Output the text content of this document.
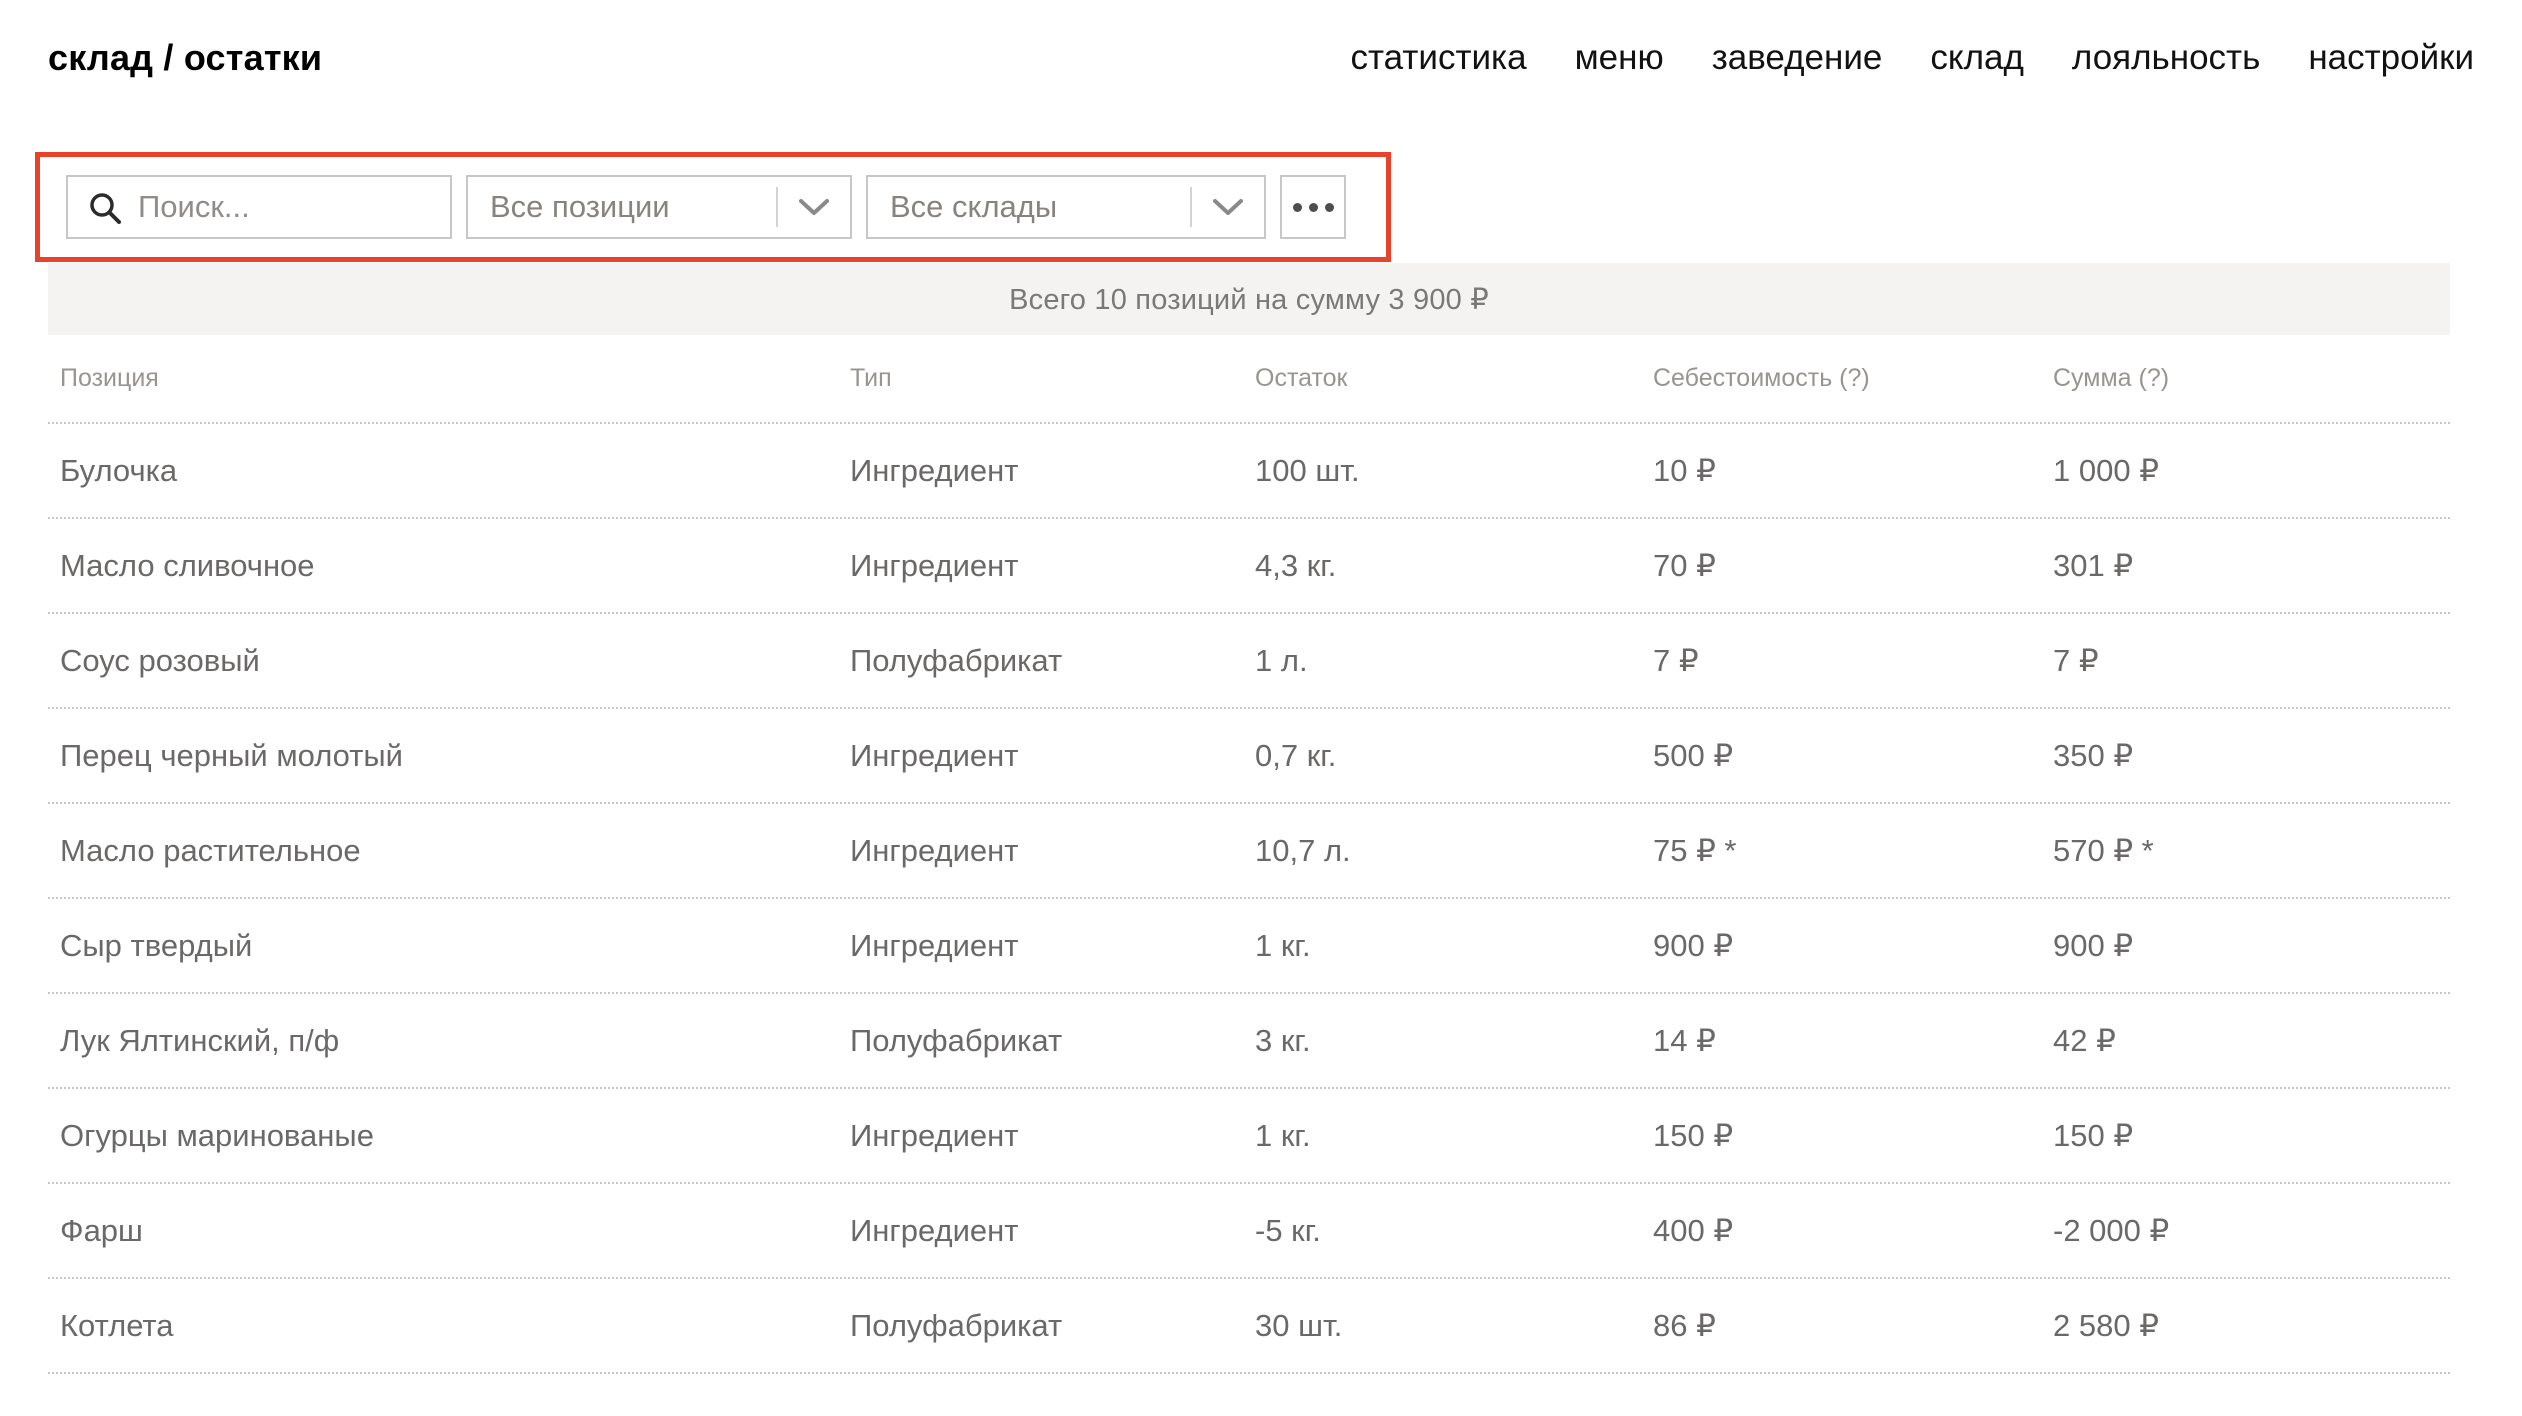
склад / остатки	статистика меню заведение склад лояльность настройки
Поиск...
Все позиции	Все склады
Всего 10 позиций на сумму 3 900 ₽
Позиция	Тип	Остаток	Себестоимость (?)	Сумма (?)
Булочка	Ингредиент	100 шт.	10 ₽	1 000 ₽
Масло сливочное	Ингредиент	4,3 кг.	70 ₽	301 ₽
Соус розовый	Полуфабрикат	1 л.	7 ₽	7 ₽
Перец черный молотый	Ингредиент	0,7 кг.	500 ₽	350 ₽
Масло растительное	Ингредиент	10,7 л.	75 ₽ *	570 ₽ *
Сыр твердый	Ингредиент	1 кг.	900 ₽	900 ₽
Лук Ялтинский, п/ф	Полуфабрикат	3 кг.	14 ₽	42 ₽
Огурцы маринованые	Ингредиент	1 кг.	150 ₽	150 ₽
Фарш	Ингредиент	-5 кг.	400 ₽	-2 000 ₽
Котлета	Полуфабрикат	30 шт.	86 ₽	2 580 ₽
